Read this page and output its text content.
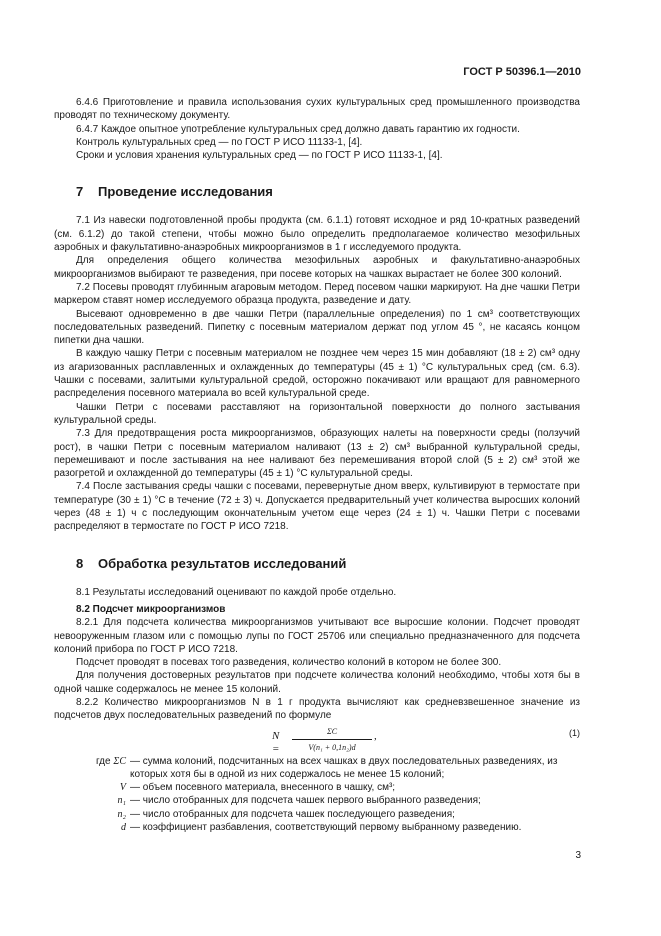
ГОСТ Р 50396.1—2010

6.4.6 Приготовление и правила использования сухих культуральных сред промышленного производства проводят по техническому документу.

6.4.7 Каждое опытное употребление культуральных сред должно давать гарантию их годности.

Контроль культуральных сред — по ГОСТ Р ИСО 11133-1, [4].

Сроки и условия хранения культуральных сред — по ГОСТ Р ИСО 11133-1, [4].

7 Проведение исследования

7.1 Из навески подготовленной пробы продукта (см. 6.1.1) готовят исходное и ряд 10-кратных разведений (см. 6.1.2) до такой степени, чтобы можно было определить предполагаемое количество мезофильных аэробных и факультативно-анаэробных микроорганизмов в 1 г исследуемого продукта.

Для определения общего количества мезофильных аэробных и факультативно-анаэробных микроорганизмов выбирают те разведения, при посеве которых на чашках вырастает не более 300 колоний.

7.2 Посевы проводят глубинным агаровым методом. Перед посевом чашки маркируют. На дне чашки Петри маркером ставят номер исследуемого образца продукта, разведение и дату.

Высевают одновременно в две чашки Петри (параллельные определения) по 1 см³ соответствующих последовательных разведений. Пипетку с посевным материалом держат под углом 45 °, не касаясь концом пипетки дна чашки.

В каждую чашку Петри с посевным материалом не позднее чем через 15 мин добавляют (18 ± 2) см³ одну из агаризованных расплавленных и охлажденных до температуры (45 ± 1) °С культуральных сред (см. 6.3). Чашки с посевами, залитыми культуральной средой, осторожно покачивают или вращают для равномерного распределения посевного материала во всей культуральной среде.

Чашки Петри с посевами расставляют на горизонтальной поверхности до полного застывания культуральной среды.

7.3 Для предотвращения роста микроорганизмов, образующих налеты на поверхности среды (ползучий рост), в чашки Петри с посевным материалом наливают (13 ± 2) см³ выбранной культуральной среды, перемешивают и после застывания на нее наливают без перемешивания второй слой (5 ± 2) см³ этой же разогретой и охлажденной до температуры (45 ± 1) °С культуральной среды.

7.4 После застывания среды чашки с посевами, перевернутые дном вверх, культивируют в термостате при температуре (30 ± 1) °С в течение (72 ± 3) ч. Допускается предварительный учет количества выросших колоний через (48 ± 1) ч с последующим окончательным учетом еще через (24 ± 1) ч. Чашки Петри с посевами распределяют в термостате по ГОСТ Р ИСО 7218.

8 Обработка результатов исследований

8.1 Результаты исследований оценивают по каждой пробе отдельно.

8.2 Подсчет микроорганизмов

8.2.1 Для подсчета количества микроорганизмов учитывают все выросшие колонии. Подсчет проводят невооруженным глазом или с помощью лупы по ГОСТ 25706 или специально предназначенного для подсчета колоний прибора по ГОСТ Р ИСО 7218.

Подсчет проводят в посевах того разведения, количество колоний в котором не более 300.

Для получения достоверных результатов при подсчете количества колоний необходимо, чтобы хотя бы в одной чашке содержалось не менее 15 колоний.

8.2.2 Количество микроорганизмов N в 1 г продукта вычисляют как средневзвешенное значение из подсчетов двух последовательных разведений по формуле

$N = \frac{\Sigma C}{\text{V(n₁ + 0,1n₂)d}}$ ,	(1)
где ΣC — сумма колоний, подсчитанных на всех чашках в двух последовательных разведениях, из которых хотя бы в одной из них содержалось не менее 15 колоний;
V — объем посевного материала, внесенного в чашку, см³;
n₁ — число отобранных для подсчета чашек первого выбранного разведения;
n₂ — число отобранных для подсчета чашек последующего разведения;
d — коэффициент разбавления, соответствующий первому выбранному разведению.
3
